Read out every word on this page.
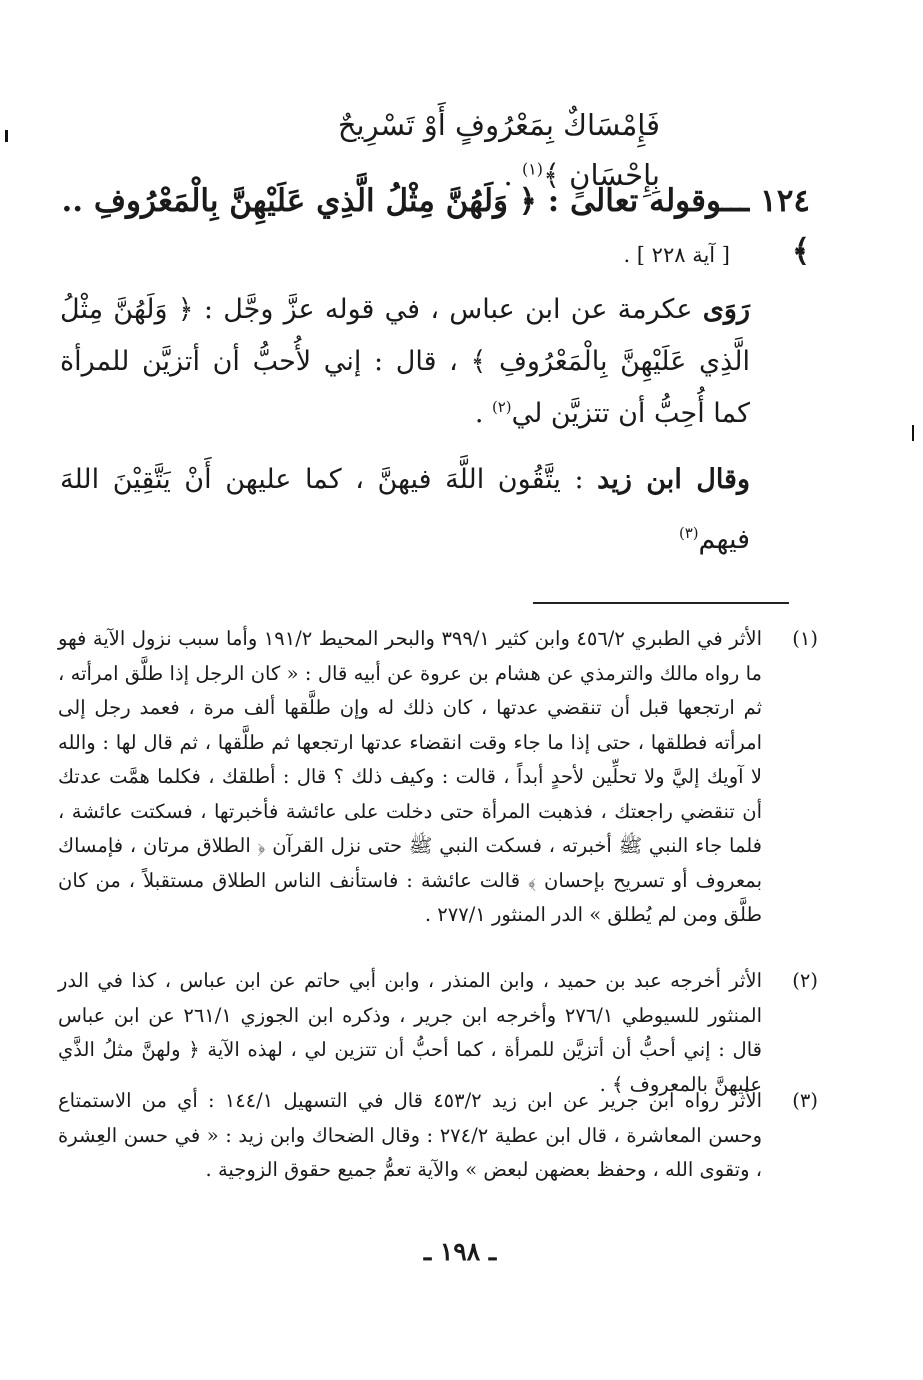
فَإِمْسَاكٌ بِمَعْرُوفٍ أَوْ تَسْرِيحٌ بِإِحْسَانٍ ﴾$^{(١)}$ .
١٢٤ ـــوقوله تعالى : ﴿ وَلَهُنَّ مِثْلُ الَّذِي عَلَيْهِنَّ بِالْمَعْرُوفِ .. ﴾
[ آية ٢٢٨ ] .
رَوَى عكرمة عن ابن عباس ، في قوله عزَّ وجَّل : ﴿ وَلَهُنَّ مِثْلُ الَّذِي عَلَيْهِنَّ بِالْمَعْرُوفِ ﴾ ، قال : إني لأُحبُّ أن أتزيَّن للمرأة كما أُحِبُّ أن تتزيَّن لي$^{(٢)}$ .
وقال ابن زيد : يتَّقُون اللَّهَ فيهنَّ ، كما عليهن أَنْ يَتَّقِيْنَ اللهَ فيهم$^{(٣)}$
(١)
الأثر في الطبري ٤٥٦/٢ وابن كثير ٣٩٩/١ والبحر المحيط ١٩١/٢ وأما سبب نزول الآية فهو ما رواه مالك والترمذي عن هشام بن عروة عن أبيه قال : « كان الرجل إذا طلَّق امرأته ، ثم ارتجعها قبل أن تنقضي عدتها ، كان ذلك له وإن طلَّقها ألف مرة ، فعمد رجل إلى امرأته فطلقها ، حتى إذا ما جاء وقت انقضاء عدتها ارتجعها ثم طلَّقها ، ثم قال لها : والله لا آويك إليَّ ولا تحلِّين لأحدٍ أبداً ، قالت : وكيف ذلك ؟ قال : أطلقك ، فكلما همَّت عدتك أن تنقضي راجعتك ، فذهبت المرأة حتى دخلت على عائشة فأخبرتها ، فسكتت عائشة ، فلما جاء النبي ﷺ أخبرته ، فسكت النبي ﷺ حتى نزل القرآن ﴿ الطلاق مرتان ، فإمساك بمعروف أو تسريح بإحسان ﴾ قالت عائشة : فاستأنف الناس الطلاق مستقبلاً ، من كان طلَّق ومن لم يُطلق » الدر المنثور ٢٧٧/١ .
(٢)
الأثر أخرجه عبد بن حميد ، وابن المنذر ، وابن أبي حاتم عن ابن عباس ، كذا في الدر المنثور للسيوطي ٢٧٦/١ وأخرجه ابن جرير ، وذكره ابن الجوزي ٢٦١/١ عن ابن عباس قال : إني أحبُّ أن أتزيَّن للمرأة ، كما أحبُّ أن تتزين لي ، لهذه الآية ﴿ ولهنَّ مثلُ الذَّي عليهنَّ بالمعروف ﴾ .
(٣)
الأثر رواه ابن جرير عن ابن زيد ٤٥٣/٢ قال في التسهيل ١٤٤/١ : أي من الاستمتاع وحسن المعاشرة ، قال ابن عطية ٢٧٤/٢ : وقال الضحاك وابن زيد : « في حسن العِشرة ، وتقوى الله ، وحفظ بعضهن لبعض » والآية تعمُّ جميع حقوق الزوجية .
ـ ١٩٨ ـ
